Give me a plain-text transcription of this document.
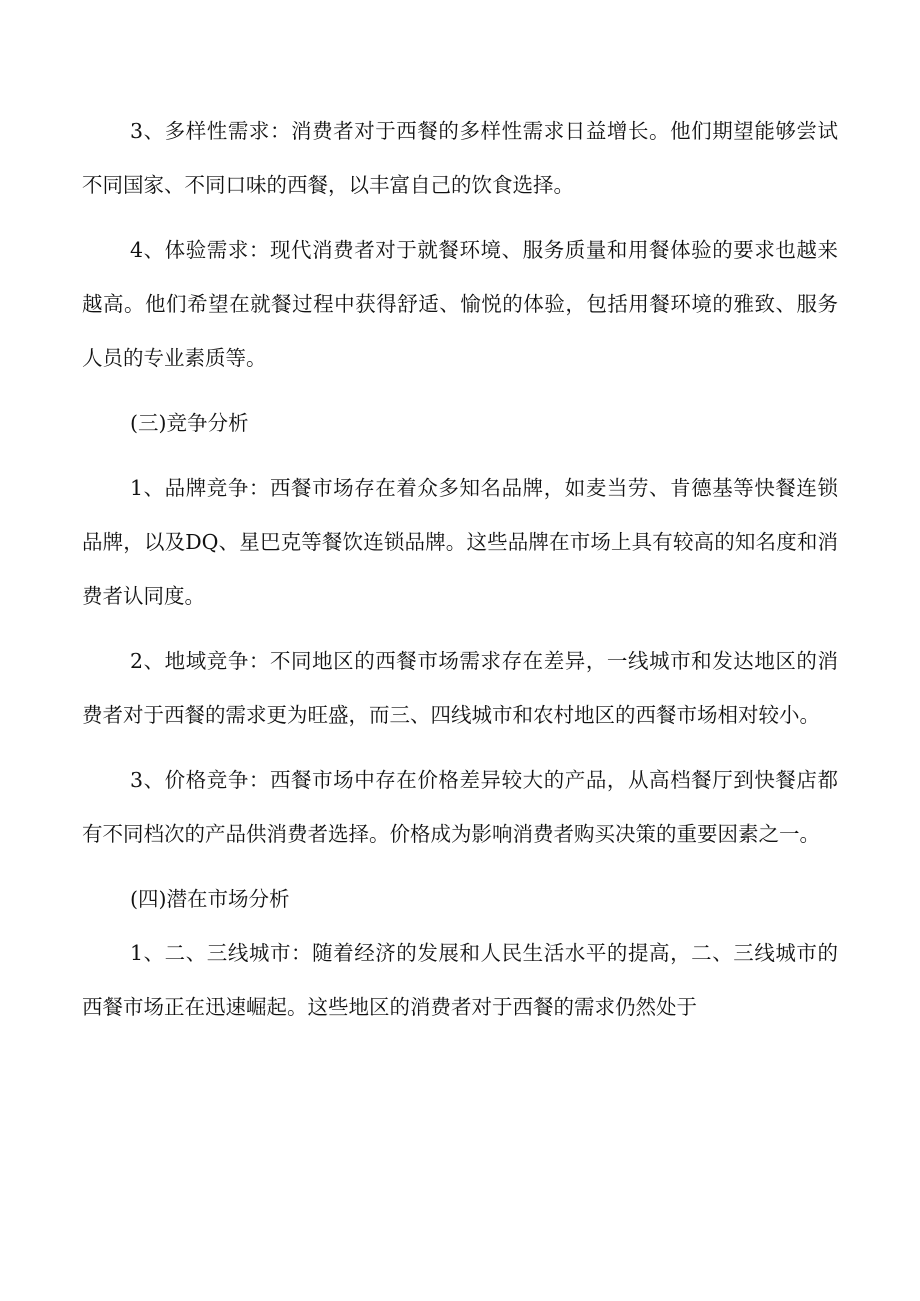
3、多样性需求：消费者对于西餐的多样性需求日益增长。他们期望能够尝试不同国家、不同口味的西餐，以丰富自己的饮食选择。

4、体验需求：现代消费者对于就餐环境、服务质量和用餐体验的要求也越来越高。他们希望在就餐过程中获得舒适、愉悦的体验，包括用餐环境的雅致、服务人员的专业素质等。

(三)竞争分析

1、品牌竞争：西餐市场存在着众多知名品牌，如麦当劳、肯德基等快餐连锁品牌，以及DQ、星巴克等餐饮连锁品牌。这些品牌在市场上具有较高的知名度和消费者认同度。

2、地域竞争：不同地区的西餐市场需求存在差异，一线城市和发达地区的消费者对于西餐的需求更为旺盛，而三、四线城市和农村地区的西餐市场相对较小。

3、价格竞争：西餐市场中存在价格差异较大的产品，从高档餐厅到快餐店都有不同档次的产品供消费者选择。价格成为影响消费者购买决策的重要因素之一。

(四)潜在市场分析

1、二、三线城市：随着经济的发展和人民生活水平的提高，二、三线城市的西餐市场正在迅速崛起。这些地区的消费者对于西餐的需求仍然处于
